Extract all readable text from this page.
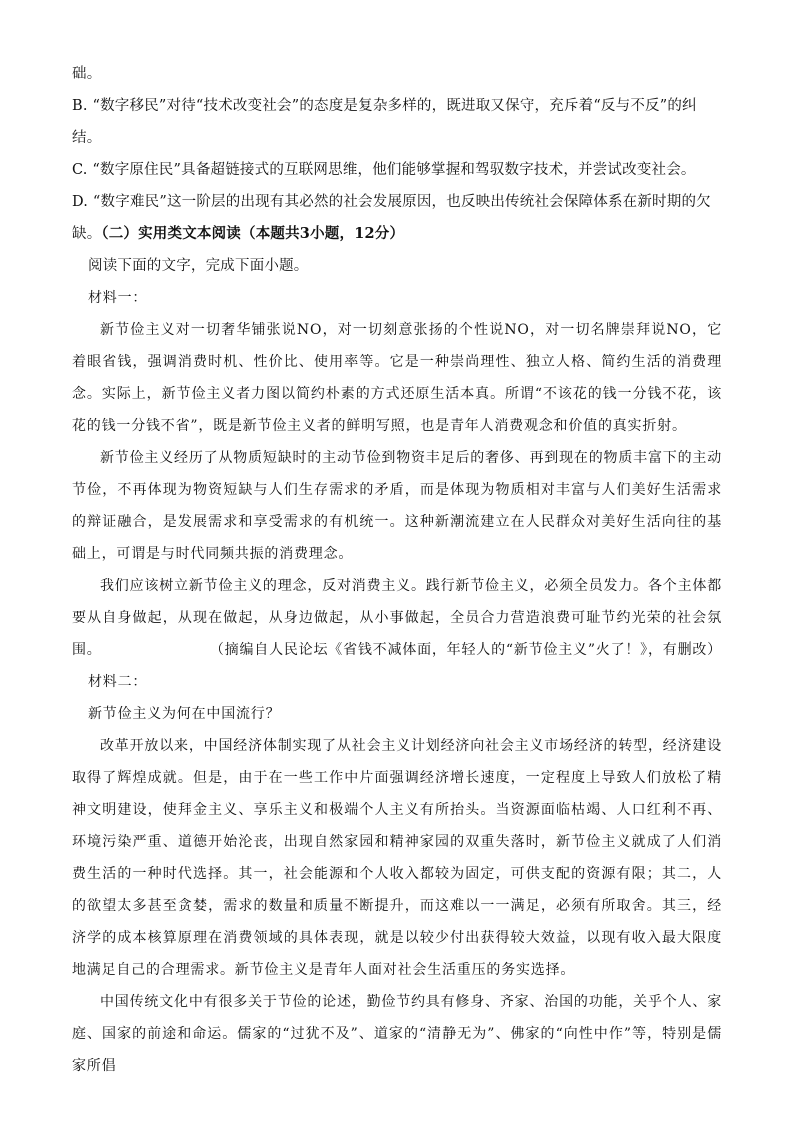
础。

B. “数字移民”对待“技术改变社会”的态度是复杂多样的，既进取又保守，充斥着“反与不反”的纠结。

C. “数字原住民”具备超链接式的互联网思维，他们能够掌握和驾驭数字技术，并尝试改变社会。

D. “数字难民”这一阶层的出现有其必然的社会发展原因，也反映出传统社会保障体系在新时期的欠缺。

（二）实用类文本阅读（本题共3小题，12分）

阅读下面的文字，完成下面小题。

材料一：

新节俭主义对一切奢华铺张说NO，对一切刻意张扬的个性说NO，对一切名牌崇拜说NO，它着眼省钱，强调消费时机、性价比、使用率等。它是一种崇尚理性、独立人格、简约生活的消费理念。实际上，新节俭主义者力图以简约朴素的方式还原生活本真。所谓“不该花的钱一分钱不花，该花的钱一分钱不省”，既是新节俭主义者的鲜明写照，也是青年人消费观念和价值的真实折射。

新节俭主义经历了从物质短缺时的主动节俭到物资丰足后的奢侈、再到现在的物质丰富下的主动节俭，不再体现为物资短缺与人们生存需求的矛盾，而是体现为物质相对丰富与人们美好生活需求的辩证融合，是发展需求和享受需求的有机统一。这种新潮流建立在人民群众对美好生活向往的基础上，可谓是与时代同频共振的消费理念。

我们应该树立新节俭主义的理念，反对消费主义。践行新节俭主义，必须全员发力。各个主体都要从自身做起，从现在做起，从身边做起，从小事做起，全员合力营造浪费可耻节约光荣的社会氛围。	（摘编自人民论坛《省钱不减体面，年轻人的“新节俭主义”火了！》，有删改）

材料二：

新节俭主义为何在中国流行？

改革开放以来，中国经济体制实现了从社会主义计划经济向社会主义市场经济的转型，经济建设取得了辉煌成就。但是，由于在一些工作中片面强调经济增长速度，一定程度上导致人们放松了精神文明建设，使拜金主义、享乐主义和极端个人主义有所抬头。当资源面临枯竭、人口红利不再、环境污染严重、道德开始沦丧，出现自然家园和精神家园的双重失落时，新节俭主义就成了人们消费生活的一种时代选择。其一，社会能源和个人收入都较为固定，可供支配的资源有限；其二，人的欲望太多甚至贪婪，需求的数量和质量不断提升，而这难以一一满足，必须有所取舍。其三，经济学的成本核算原理在消费领域的具体表现，就是以较少付出获得较大效益，以现有收入最大限度地满足自己的合理需求。新节俭主义是青年人面对社会生活重压的务实选择。

中国传统文化中有很多关于节俭的论述，勤俭节约具有修身、齐家、治国的功能，关乎个人、家庭、国家的前途和命运。儒家的“过犹不及”、道家的“清静无为”、佛家的“向性中作”等，特别是儒家所倡
